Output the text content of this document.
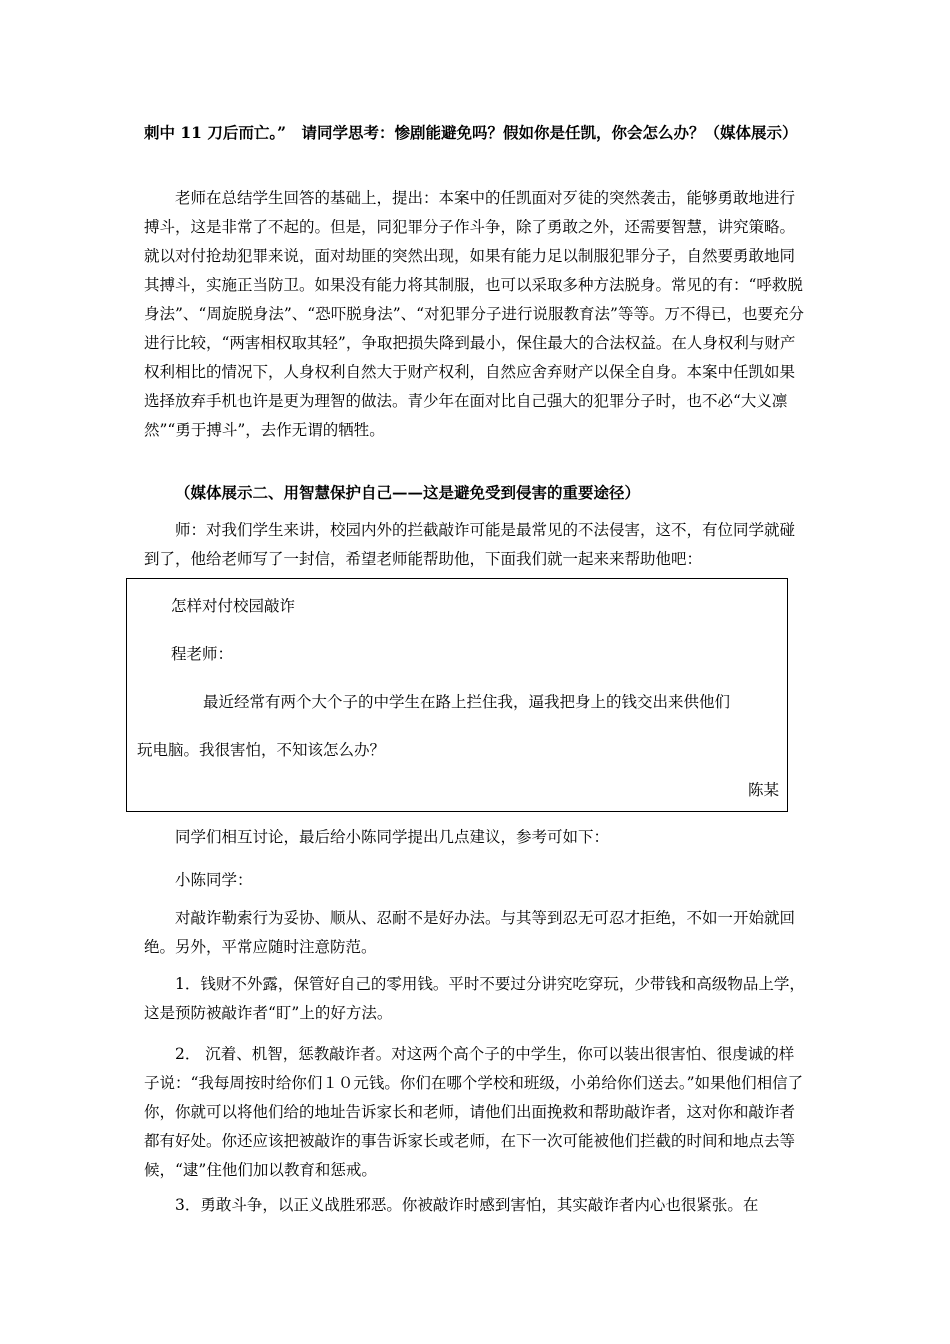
刺中 11 刀后而亡。”　请同学思考：惨剧能避免吗？假如你是任凯，你会怎么办？（媒体展示）

老师在总结学生回答的基础上，提出：本案中的任凯面对歹徒的突然袭击，能够勇敢地进行搏斗，这是非常了不起的。但是，同犯罪分子作斗争，除了勇敢之外，还需要智慧，讲究策略。就以对付抢劫犯罪来说，面对劫匪的突然出现，如果有能力足以制服犯罪分子，自然要勇敢地同其搏斗，实施正当防卫。如果没有能力将其制服，也可以采取多种方法脱身。常见的有：“呼救脱身法”、“周旋脱身法”、“恐吓脱身法”、“对犯罪分子进行说服教育法”等等。万不得已，也要充分进行比较，“两害相权取其轻”，争取把损失降到最小，保住最大的合法权益。在人身权利与财产权利相比的情况下，人身权利自然大于财产权利，自然应舍弃财产以保全自身。本案中任凯如果选择放弃手机也许是更为理智的做法。青少年在面对比自己强大的犯罪分子时，也不必“大义凛然”“勇于搏斗”，去作无谓的牺牲。

（媒体展示二、用智慧保护自己——这是避免受到侵害的重要途径）

师：对我们学生来讲，校园内外的拦截敲诈可能是最常见的不法侵害，这不，有位同学就碰到了，他给老师写了一封信，希望老师能帮助他，下面我们就一起来来帮助他吧：

怎样对付校园敲诈

程老师：

最近经常有两个大个子的中学生在路上拦住我，逼我把身上的钱交出来供他们

玩电脑。我很害怕，不知该怎么办？

陈某

同学们相互讨论，最后给小陈同学提出几点建议，参考可如下：

小陈同学：

对敲诈勒索行为妥协、顺从、忍耐不是好办法。与其等到忍无可忍才拒绝，不如一开始就回绝。另外，平常应随时注意防范。

1．钱财不外露，保管好自己的零用钱。平时不要过分讲究吃穿玩，少带钱和高级物品上学，这是预防被敲诈者“盯”上的好方法。

2． 沉着、机智，惩教敲诈者。对这两个高个子的中学生，你可以装出很害怕、很虔诚的样子说：“我每周按时给你们１０元钱。你们在哪个学校和班级，小弟给你们送去。”如果他们相信了你，你就可以将他们给的地址告诉家长和老师，请他们出面挽救和帮助敲诈者，这对你和敲诈者都有好处。你还应该把被敲诈的事告诉家长或老师，在下一次可能被他们拦截的时间和地点去等候，“逮”住他们加以教育和惩戒。

3．勇敢斗争，以正义战胜邪恶。你被敲诈时感到害怕，其实敲诈者内心也很紧张。在
